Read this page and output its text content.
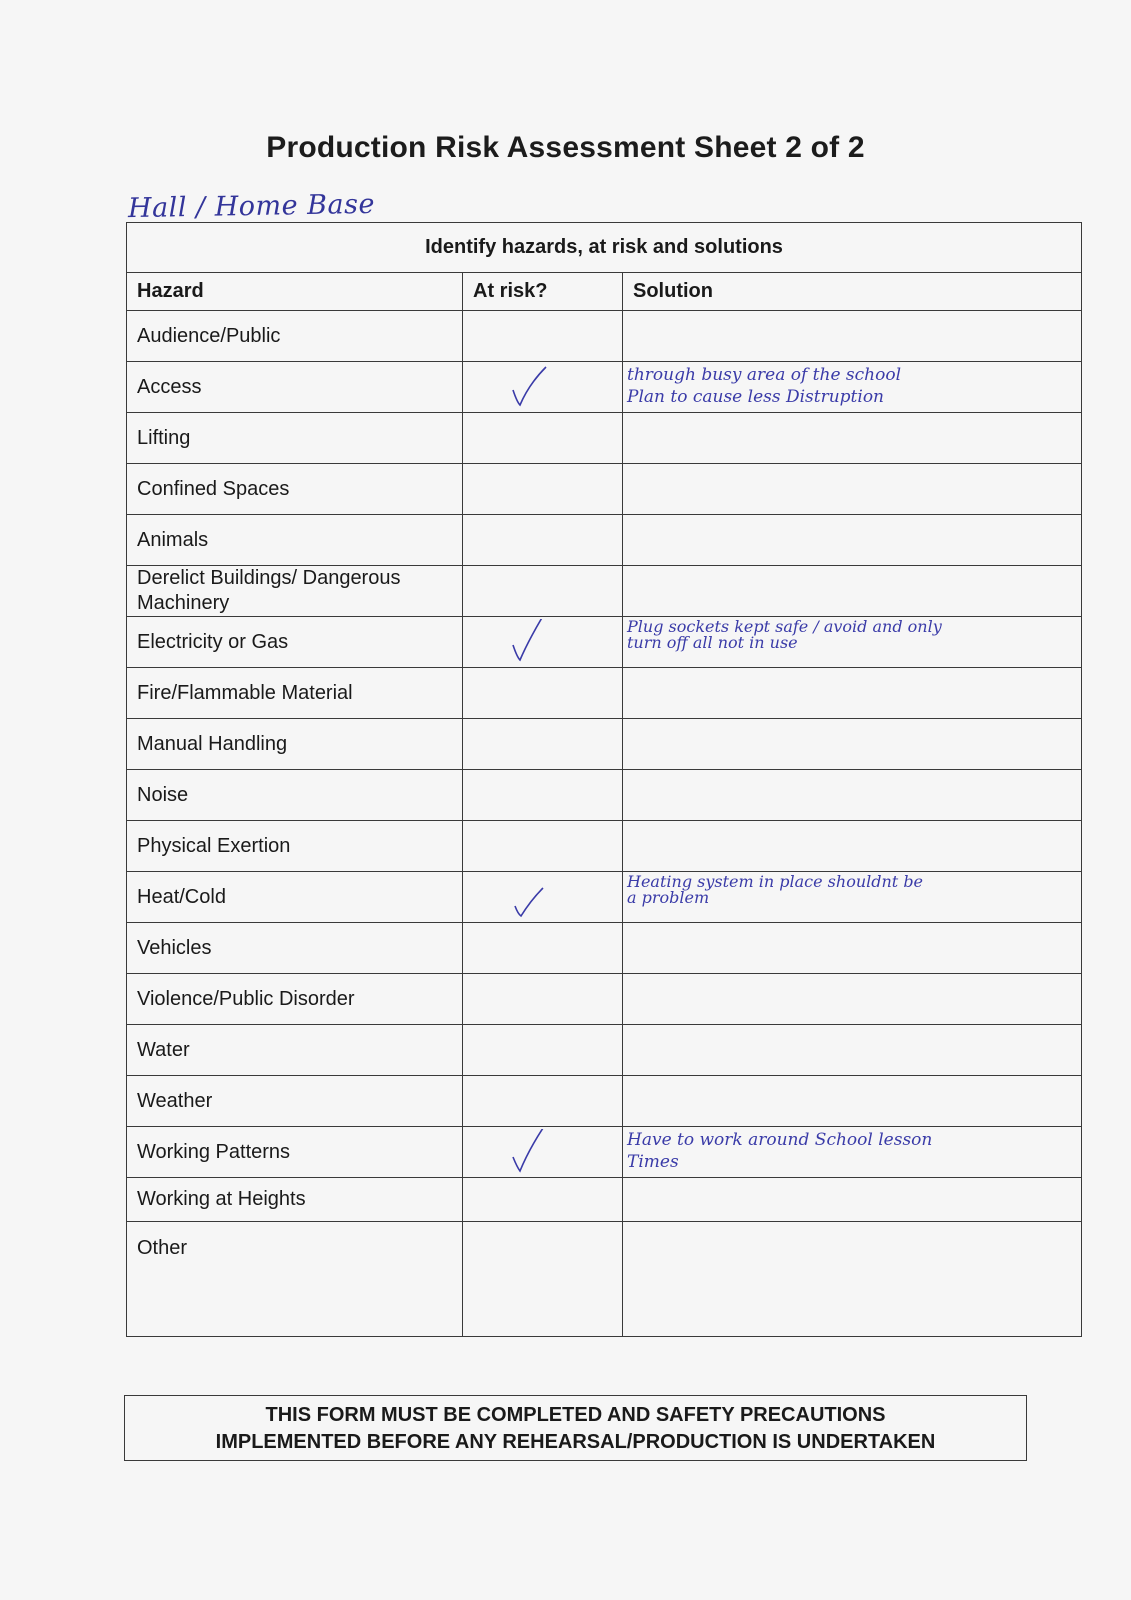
Production Risk Assessment Sheet 2 of 2
Hall / Home Base
Identify hazards, at risk and solutions		
Hazard	At risk?	Solution
Audience/Public		

Access		through busy area of the school
Plan to cause less Distruption

Lifting		

Confined Spaces		

Animals		

Derelict Buildings/ Dangerous Machinery		

Electricity or Gas		Plug sockets kept safe / avoid and only
turn off all not in use

Fire/Flammable Material		

Manual Handling		

Noise		

Physical Exertion		

Heat/Cold		Heating system in place shouldnt be
a problem

Vehicles		

Violence/Public Disorder		

Water		

Weather		

Working Patterns		Have to work around School lesson
Times

Working at Heights		

Other		
THIS FORM MUST BE COMPLETED AND SAFETY PRECAUTIONS
IMPLEMENTED BEFORE ANY REHEARSAL/PRODUCTION IS UNDERTAKEN
